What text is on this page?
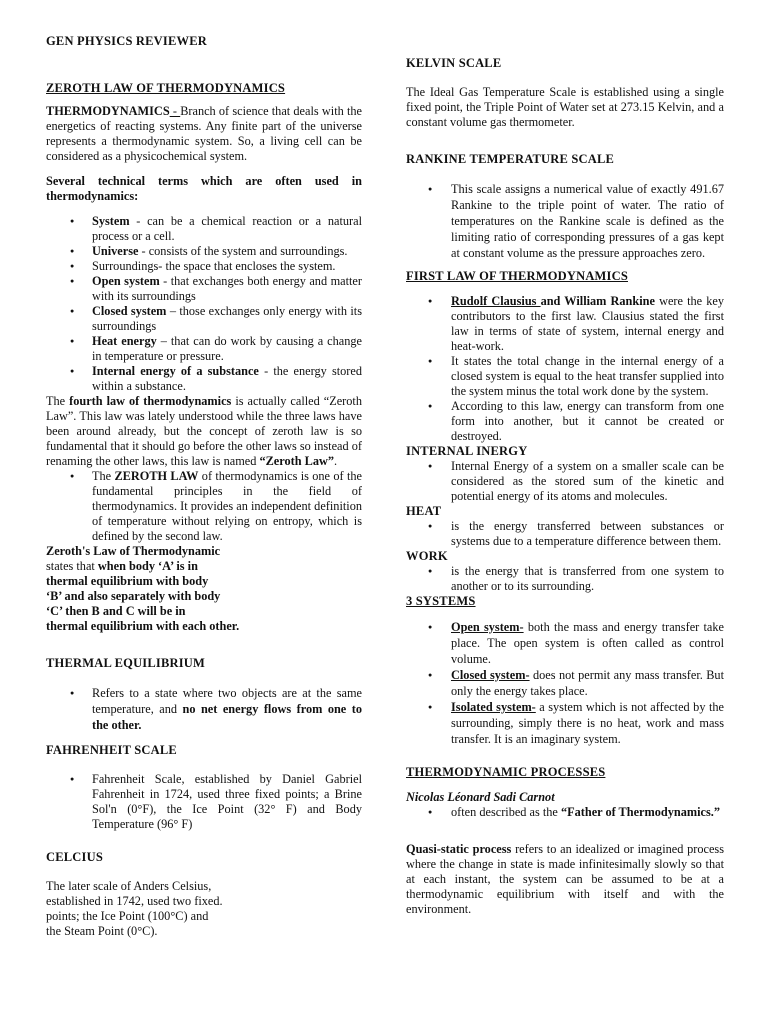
GEN PHYSICS REVIEWER
ZEROTH LAW OF THERMODYNAMICS

THERMODYNAMICS - Branch of science that deals with the energetics of reacting systems. Any finite part of the universe represents a thermodynamic system. So, a living cell can be considered as a physicochemical system.

Several technical terms which are often used in thermodynamics:

● System - can be a chemical reaction or a natural process or a cell.
● Universe - consists of the system and surroundings.
● Surroundings- the space that encloses the system.
● Open system - that exchanges both energy and matter with its surroundings
● Closed system – those exchanges only energy with its surroundings
● Heat energy – that can do work by causing a change in temperature or pressure.
● Internal energy of a substance - the energy stored within a substance.

The fourth law of thermodynamics is actually called “Zeroth Law”. This law was lately understood while the three laws have been around already, but the concept of zeroth law is so fundamental that it should go before the other laws so instead of renaming the other laws, this law is named “Zeroth Law”.

● The ZEROTH LAW of thermodynamics is one of the fundamental principles in the field of thermodynamics. It provides an independent definition of temperature without relying on entropy, which is defined by the second law.
Zeroth's Law of Thermodynamic
states that when body ‘A’ is in
thermal equilibrium with body
‘B’ and also separately with body
‘C’ then B and C will be in
thermal equilibrium with each other.
THERMAL EQUILIBRIUM
● Refers to a state where two objects are at the same temperature, and no net energy flows from one to the other.
FAHRENHEIT SCALE
● Fahrenheit Scale, established by Daniel Gabriel Fahrenheit in 1724, used three fixed points; a Brine Sol'n (0°F), the Ice Point (32° F) and Body Temperature (96° F)
CELCIUS
The later scale of Anders Celsius,
established in 1742, used two fixed.
points; the Ice Point (100°C) and
the Steam Point (0°C).
KELVIN SCALE

The Ideal Gas Temperature Scale is established using a single fixed point, the Triple Point of Water set at 273.15 Kelvin, and a constant volume gas thermometer.

RANKINE TEMPERATURE SCALE
● This scale assigns a numerical value of exactly 491.67 Rankine to the triple point of water. The ratio of temperatures on the Rankine scale is defined as the limiting ratio of corresponding pressures of a gas kept at constant volume as the pressure approaches zero.
FIRST LAW OF THERMODYNAMICS
● Rudolf Clausius and William Rankine were the key contributors to the first law. Clausius stated the first law in terms of state of system, internal energy and heat-work.
● It states the total change in the internal energy of a closed system is equal to the heat transfer supplied into the system minus the total work done by the system.
● According to this law, energy can transform from one form into another, but it cannot be created or destroyed.
INTERNAL INERGY
● Internal Energy of a system on a smaller scale can be considered as the stored sum of the kinetic and potential energy of its atoms and molecules.
HEAT
● is the energy transferred between substances or systems due to a temperature difference between them.
WORK
● is the energy that is transferred from one system to another or to its surrounding.
3 SYSTEMS
● Open system- both the mass and energy transfer take place. The open system is often called as control volume.
● Closed system- does not permit any mass transfer. But only the energy takes place.
● Isolated system- a system which is not affected by the surrounding, simply there is no heat, work and mass transfer. It is an imaginary system.
THERMODYNAMIC PROCESSES
Nicolas Léonard Sadi Carnot
● often described as the “Father of Thermodynamics.”

Quasi-static process refers to an idealized or imagined process where the change in state is made infinitesimally slowly so that at each instant, the system can be assumed to be at a thermodynamic equilibrium with itself and with the environment.
